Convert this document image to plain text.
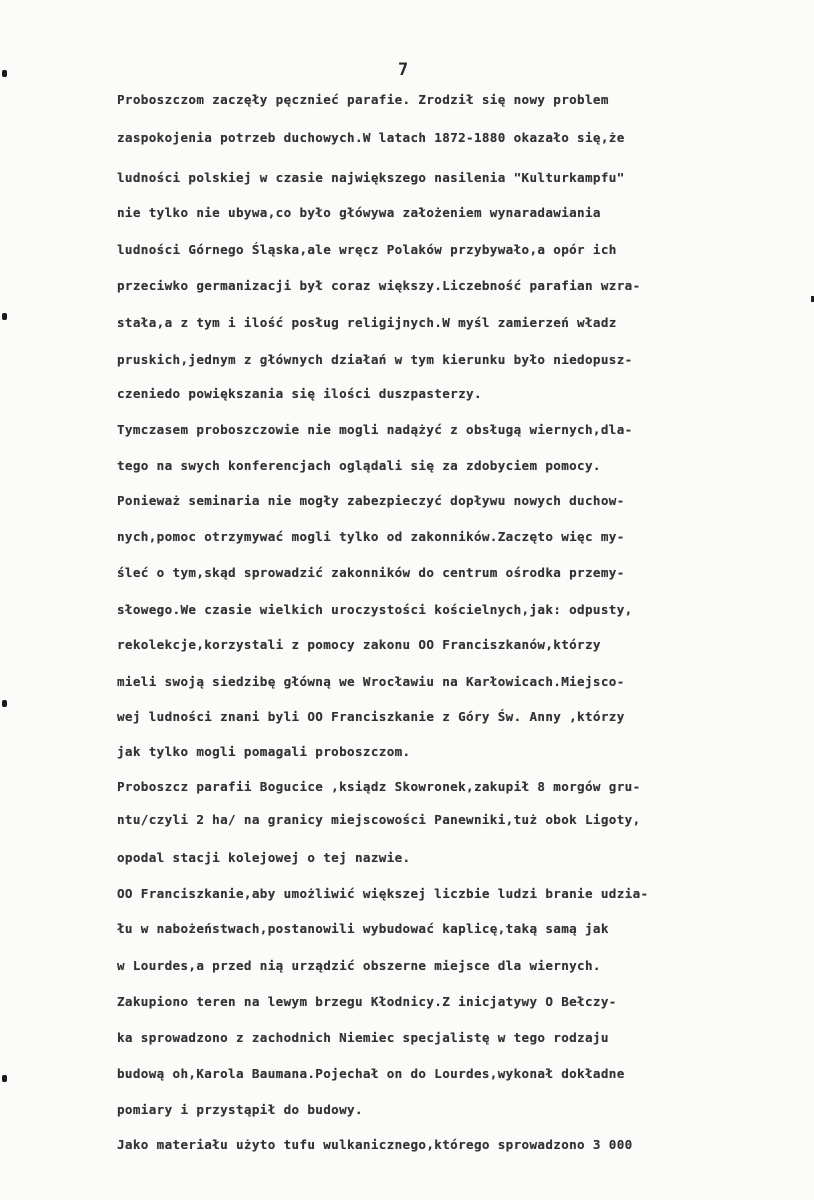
7
Proboszczom zaczęły pęcznieć parafie. Zrodził się nowy problem
zaspokojenia potrzeb duchowych.W latach 1872-1880 okazało się,że
ludności polskiej w czasie największego nasilenia "Kulturkampfu"
nie tylko nie ubywa,co było główywa założeniem wynaradawiania
ludności Górnego Śląska,ale wręcz Polaków przybywało,a opór ich
przeciwko germanizacji był coraz większy.Liczebność parafian wzra-
stała,a z tym i ilość posług religijnych.W myśl zamierzeń władz
pruskich,jednym z głównych działań w tym kierunku było niedopusz-
czeniedo powiększania się ilości duszpasterzy.
Tymczasem proboszczowie nie mogli nadążyć z obsługą wiernych,dla-
tego na swych konferencjach oglądali się za zdobyciem pomocy.
Ponieważ seminaria nie mogły zabezpieczyć dopływu nowych duchow-
nych,pomoc otrzymywać mogli tylko od zakonników.Zaczęto więc my-
śleć o tym,skąd sprowadzić zakonników do centrum ośrodka przemy-
słowego.We czasie wielkich uroczystości kościelnych,jak: odpusty,
rekolekcje,korzystali z pomocy zakonu OO Franciszkanów,którzy
mieli swoją siedzibę główną we Wrocławiu na Karłowicach.Miejsco-
wej ludności znani byli OO Franciszkanie z Góry Św. Anny ,którzy
jak tylko mogli pomagali proboszczom.
Proboszcz parafii Bogucice ,ksiądz Skowronek,zakupił 8 morgów gru-
ntu/czyli 2 ha/ na granicy miejscowości Panewniki,tuż obok Ligoty,
opodal stacji kolejowej o tej nazwie.
OO Franciszkanie,aby umożliwić większej liczbie ludzi branie udzia-
łu w nabożeństwach,postanowili wybudować kaplicę,taką samą jak
w Lourdes,a przed nią urządzić obszerne miejsce dla wiernych.
Zakupiono teren na lewym brzegu Kłodnicy.Z inicjatywy O Bełczy-
ka sprowadzono z zachodnich Niemiec specjalistę w tego rodzaju
budową oh,Karola Baumana.Pojechał on do Lourdes,wykonał dokładne
pomiary i przystąpił do budowy.
Jako materiału użyto tufu wulkanicznego,którego sprowadzono 3 000
